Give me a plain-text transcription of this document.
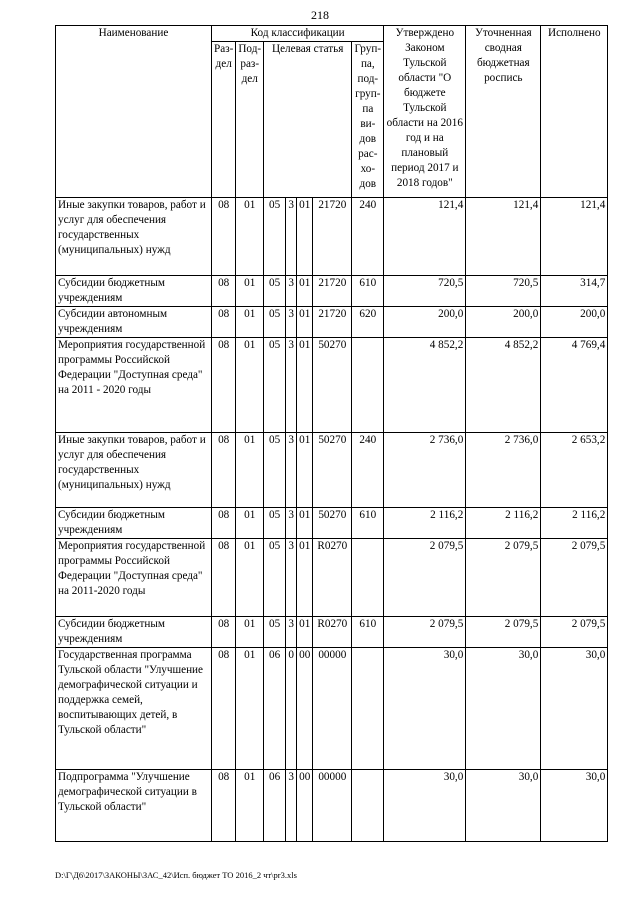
218
Наименование	Код классификации							Утверждено Законом Тульской области "О бюджете Тульской области на 2016 год и на плановый период 2017 и 2018 годов"	Уточненная сводная бюджетная роспись	Исполнено
	Раз-дел	Под-раз-дел	Целевая статья				Груп-па, под-груп-па ви-дов рас-хо-дов			
Иные закупки товаров, работ и услуг для обеспечения государственных (муниципальных) нужд	08	01	05	3	01	21720	240	121,4	121,4	121,4
Субсидии бюджетным учреждениям	08	01	05	3	01	21720	610	720,5	720,5	314,7
Субсидии автономным учреждениям	08	01	05	3	01	21720	620	200,0	200,0	200,0
Мероприятия государственной программы Российской Федерации "Доступная среда" на 2011 - 2020 годы	08	01	05	3	01	50270		4 852,2	4 852,2	4 769,4
Иные закупки товаров, работ и услуг для обеспечения государственных (муниципальных) нужд	08	01	05	3	01	50270	240	2 736,0	2 736,0	2 653,2
Субсидии бюджетным учреждениям	08	01	05	3	01	50270	610	2 116,2	2 116,2	2 116,2
Мероприятия государственной программы Российской Федерации "Доступная среда" на 2011-2020 годы	08	01	05	3	01	R0270		2 079,5	2 079,5	2 079,5
Субсидии бюджетным учреждениям	08	01	05	3	01	R0270	610	2 079,5	2 079,5	2 079,5
Государственная программа Тульской области "Улучшение демографической ситуации и поддержка семей, воспитывающих детей, в Тульской области"	08	01	06	0	00	00000		30,0	30,0	30,0
Подпрограмма "Улучшение демографической ситуации в Тульской области"	08	01	06	3	00	00000		30,0	30,0	30,0
D:\Г\Д6\2017\ЗАКОНЫ\ЗАС_42\Исп. бюджет ТО 2016_2 чт\pr3.xls
